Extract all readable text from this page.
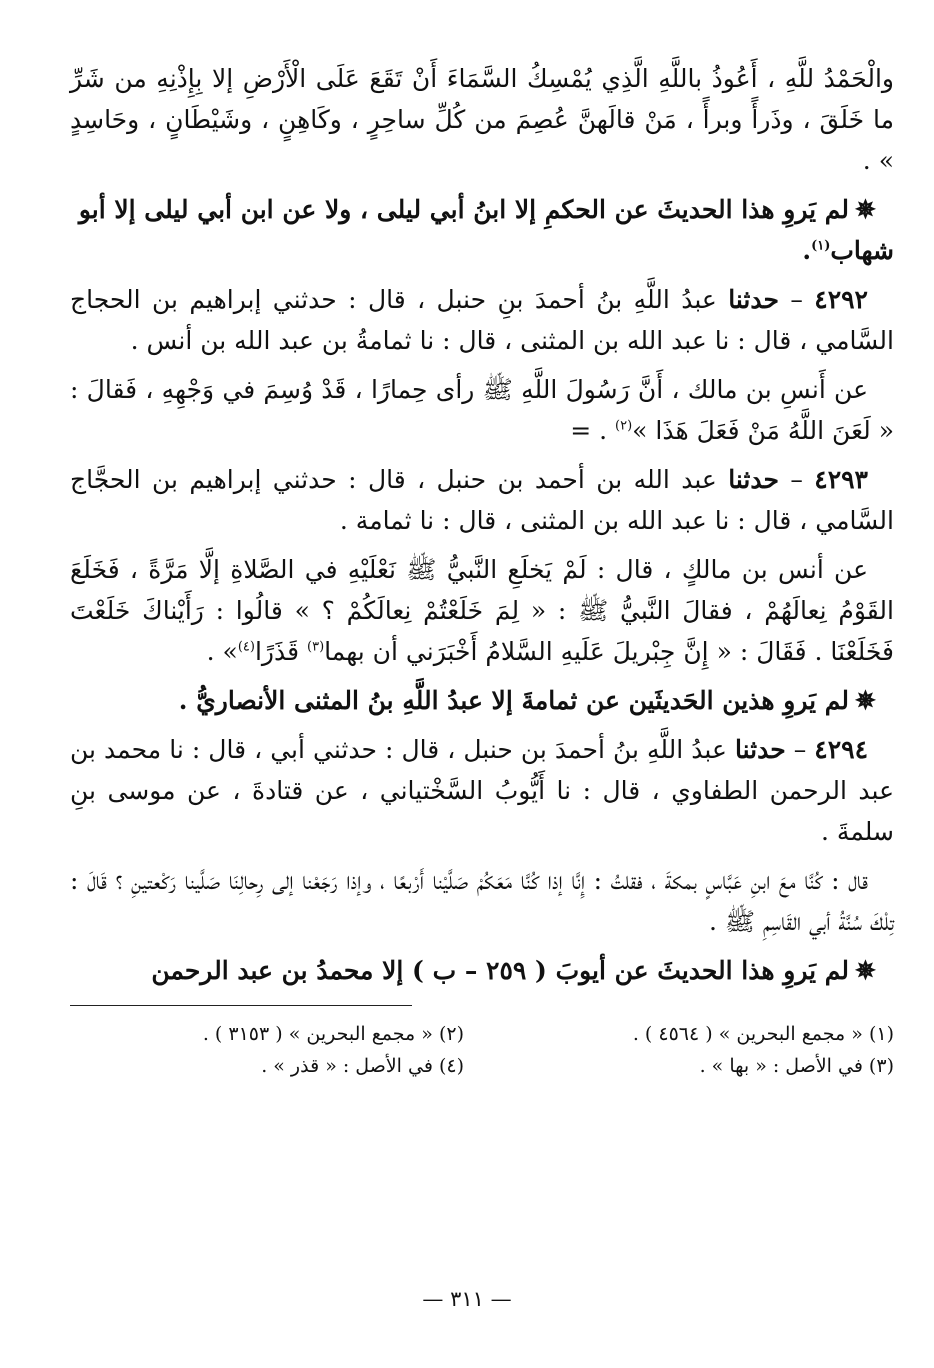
والْحَمْدُ للَّهِ ، أَعُوذُ باللَّهِ الَّذِي يُمْسِكُ السَّمَاءَ أَنْ تَقَعَ عَلَى الْأَرْضِ إلا بِإِذْنِهِ من شَرِّ ما خَلَقَ ، وذَرأً وبرأً ، مَنْ قالَهنَّ عُصِمَ من كُلِّ ساحِرٍ ، وكَاهِنٍ ، وشَيْطَانٍ ، وحَاسِدٍ » .

✵لم يَروِ هذا الحديثَ عن الحكمِ إلا ابنُ أبي ليلى ، ولا عن ابن أبي ليلى إلا أبو شهاب$^{(١)}$.

٤٢٩٢ – حدثنا عبدُ اللَّهِ بنُ أحمدَ بنِ حنبل ، قال : حدثني إبراهيم بن الحجاج السَّامي ، قال : نا عبد الله بن المثنى ، قال : نا ثمامةُ بن عبد الله بن أنس .

عن أَنسِ بن مالك ، أَنَّ رَسُولَ اللَّهِ ﷺ رأى حِمارًا ، قَدْ وُسِمَ في وَجْهِهِ ، فَقالَ : « لَعَنَ اللَّهُ مَنْ فَعَلَ هَذَا »$^{(٢)}$ . =

٤٢٩٣ – حدثنا عبد الله بن أحمد بن حنبل ، قال : حدثني إبراهيم بن الحجَّاج السَّامي ، قال : نا عبد الله بن المثنى ، قال : نا ثمامة .

عن أنس بن مالكٍ ، قال : لَمْ يَخلَعِ النَّبيُّ ﷺ نَعْلَيْهِ في الصَّلاةِ إلَّا مَرَّةً ، فَخَلَعَ القَوْمُ نِعالَهُمْ ، فقالَ النَّبيُّ ﷺ : « لِمَ خَلَعْتُمْ نِعالَكُمْ ؟ » قالُوا : رَأَيْناكَ خَلَعْتَ فَخَلَعْنَا . فَقَالَ : « إِنَّ جِبْريلَ عَلَيهِ السَّلامُ أَخْبَرَني أن بهما$^{(٣)}$ قَذَرًا$^{(٤)}$» .

✵لم يَروِ هذين الحَديثَين عن ثمامةَ إلا عبدُ اللَّهِ بنُ المثنى الأنصاريُّ .

٤٢٩٤ – حدثنا عبدُ اللَّهِ بنُ أحمدَ بن حنبل ، قال : حدثني أبي ، قال : نا محمد بن عبد الرحمن الطفاوي ، قال : نا أَيُّوبُ السَّخْتياني ، عن قتادةَ ، عن موسى بنِ سلمةَ .

قال : كُنَّا معَ ابنِ عَبَّاسٍ بمكةَ ، فقلتُ : إِنَّا إذا كُنَّا مَعَكُمْ صَلَّيْنا أَرْبعًا ، وإذا رَجَعْنا إلى رِحالِنَا صَلَّينا رَكْعتينِ ؟ قَالَ : تِلْكَ سُنَّةُ أبي القَاسِمِ ﷺ .

✵لم يَروِ هذا الحديثَ عن أيوبَ ( ٢٥٩ – ب ) إلا محمدُ بن عبد الرحمن

(١) « مجمع البحرين » ( ٤٥٦٤ ) .
(٢) « مجمع البحرين » ( ٣١٥٣ ) .
(٣) في الأصل : « بها » .
(٤) في الأصل : « قذر » .
— ٣١١ —
